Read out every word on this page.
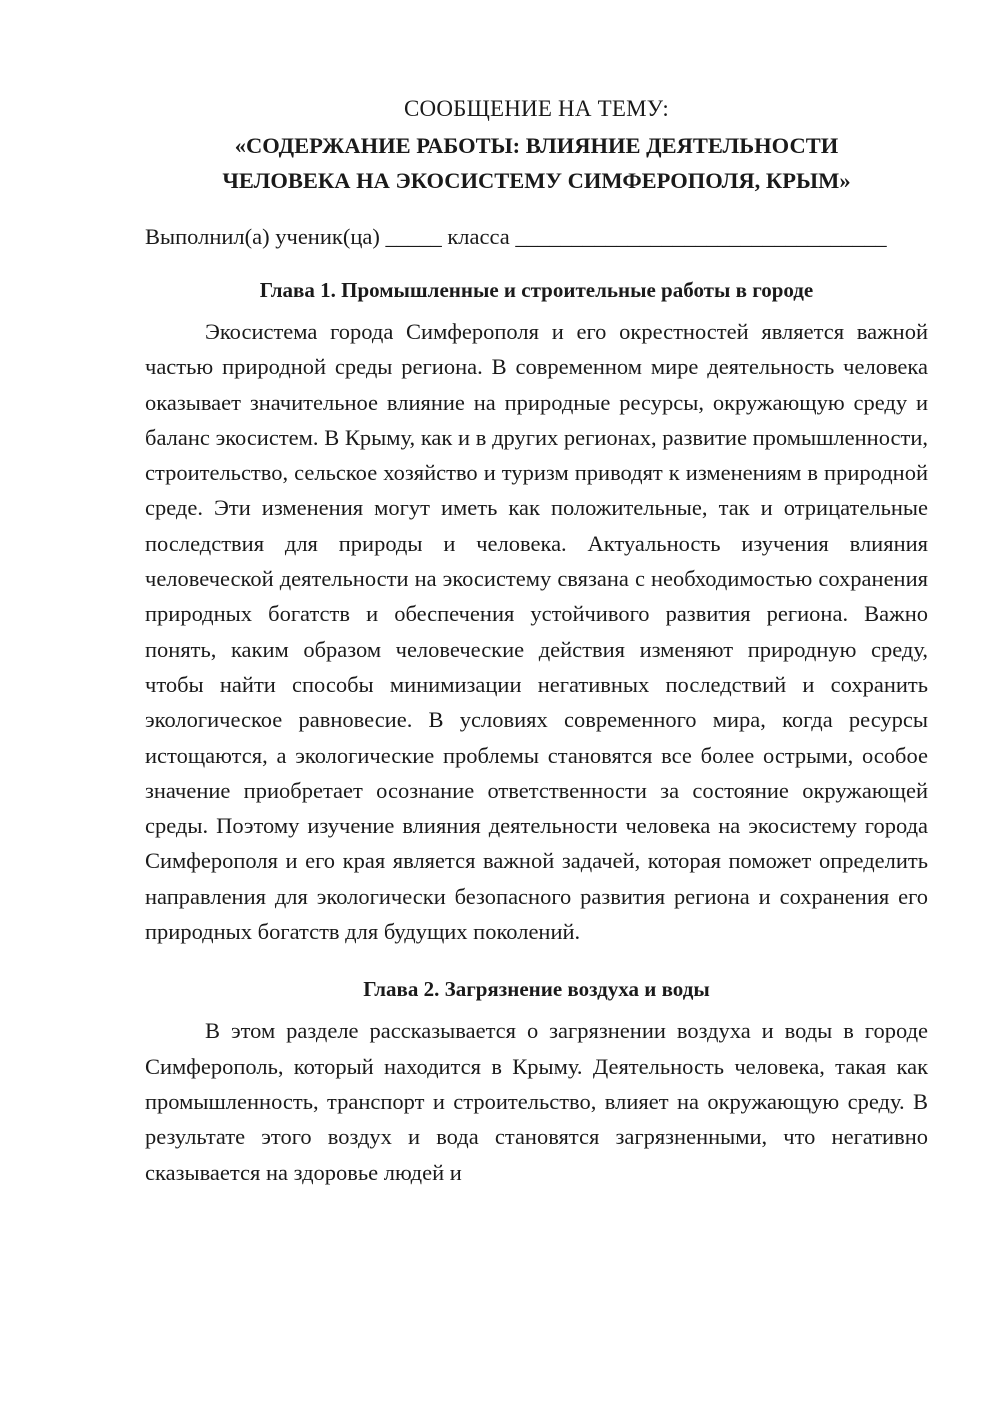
СООБЩЕНИЕ НА ТЕМУ:
«СОДЕРЖАНИЕ РАБОТЫ: ВЛИЯНИЕ ДЕЯТЕЛЬНОСТИ
ЧЕЛОВЕКА НА ЭКОСИСТЕМУ СИМФЕРОПОЛЯ, КРЫМ»
Выполнил(а) ученик(ца) _____ класса _________________________________
Глава 1. Промышленные и строительные работы в городе

Экосистема города Симферополя и его окрестностей является важной частью природной среды региона. В современном мире деятельность человека оказывает значительное влияние на природные ресурсы, окружающую среду и баланс экосистем. В Крыму, как и в других регионах, развитие промышленности, строительство, сельское хозяйство и туризм приводят к изменениям в природной среде. Эти изменения могут иметь как положительные, так и отрицательные последствия для природы и человека. Актуальность изучения влияния человеческой деятельности на экосистему связана с необходимостью сохранения природных богатств и обеспечения устойчивого развития региона. Важно понять, каким образом человеческие действия изменяют природную среду, чтобы найти способы минимизации негативных последствий и сохранить экологическое равновесие. В условиях современного мира, когда ресурсы истощаются, а экологические проблемы становятся все более острыми, особое значение приобретает осознание ответственности за состояние окружающей среды. Поэтому изучение влияния деятельности человека на экосистему города Симферополя и его края является важной задачей, которая поможет определить направления для экологически безопасного развития региона и сохранения его природных богатств для будущих поколений.

Глава 2. Загрязнение воздуха и воды

В этом разделе рассказывается о загрязнении воздуха и воды в городе Симферополь, который находится в Крыму. Деятельность человека, такая как промышленность, транспорт и строительство, влияет на окружающую среду. В результате этого воздух и вода становятся загрязненными, что негативно сказывается на здоровье людей и
